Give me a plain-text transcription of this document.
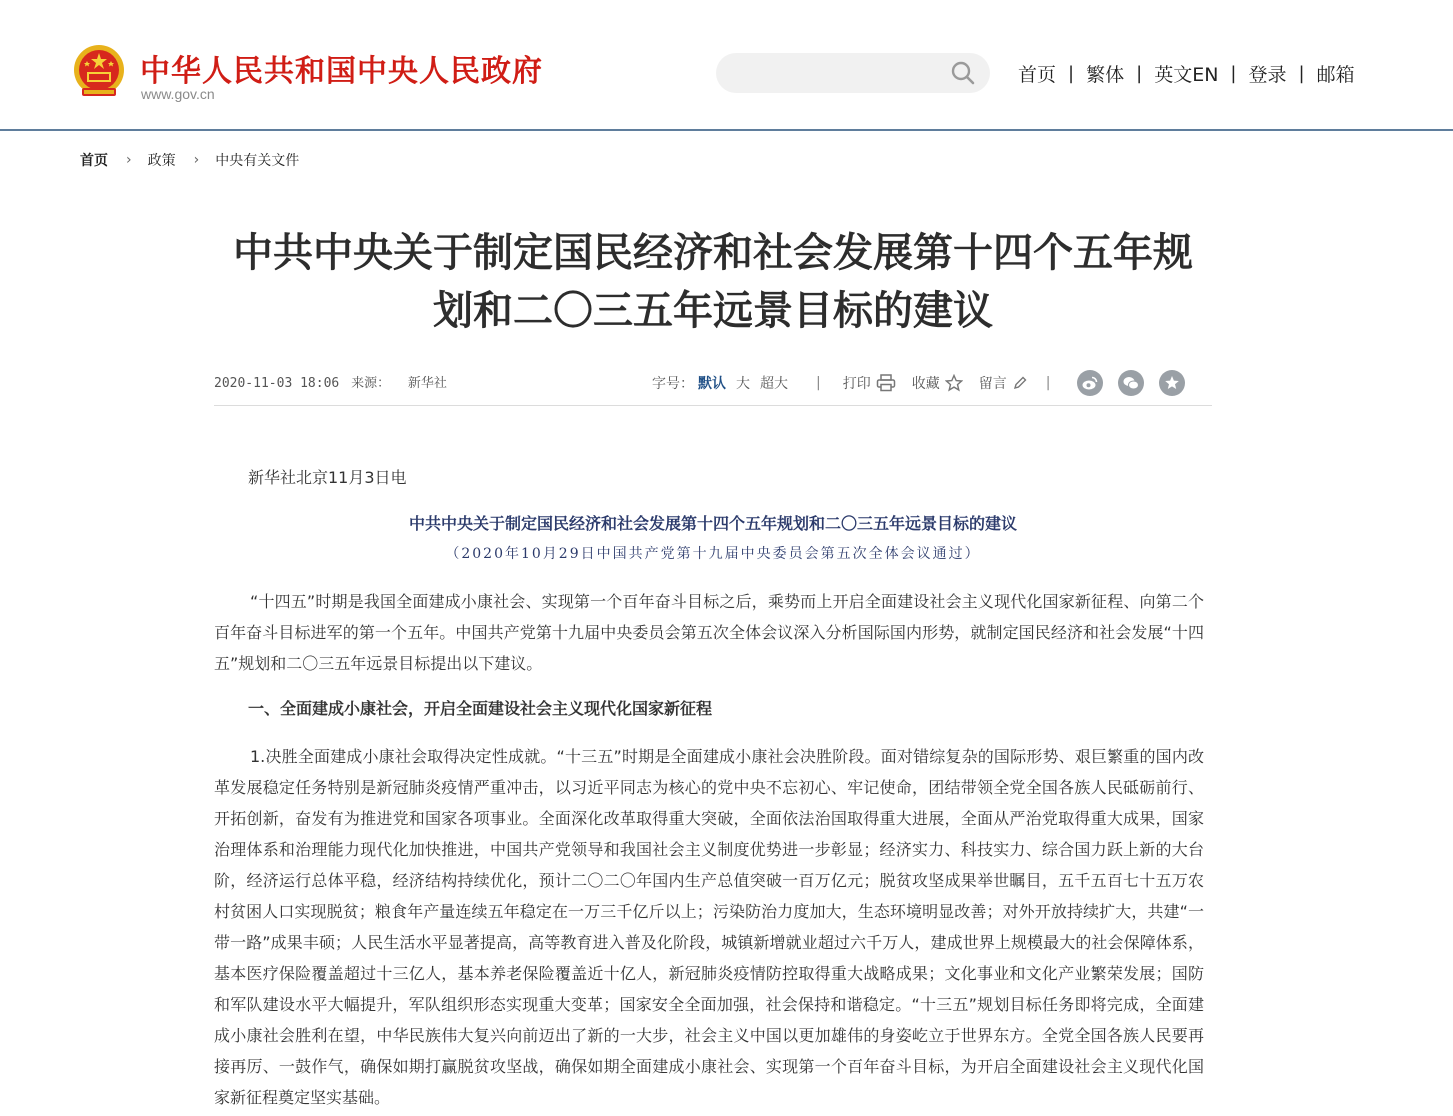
中华人民共和国中央人民政府
www.gov.cn
首页 | 繁体 | 英文EN | 登录 | 邮箱
首页	›	政策	›	中央有关文件
中共中央关于制定国民经济和社会发展第十四个五年规划和二〇三五年远景目标的建议
2020-11-03 18:06 来源： 新华社	字号： 默认 大 超大 | 打印	收藏	留言	|
新华社北京11月3日电
中共中央关于制定国民经济和社会发展第十四个五年规划和二〇三五年远景目标的建议
（2020年10月29日中国共产党第十九届中央委员会第五次全体会议通过）

“十四五”时期是我国全面建成小康社会、实现第一个百年奋斗目标之后，乘势而上开启全面建设社会主义现代化国家新征程、向第二个百年奋斗目标进军的第一个五年。中国共产党第十九届中央委员会第五次全体会议深入分析国际国内形势，就制定国民经济和社会发展“十四五”规划和二〇三五年远景目标提出以下建议。

一、全面建成小康社会，开启全面建设社会主义现代化国家新征程

1.决胜全面建成小康社会取得决定性成就。“十三五”时期是全面建成小康社会决胜阶段。面对错综复杂的国际形势、艰巨繁重的国内改革发展稳定任务特别是新冠肺炎疫情严重冲击，以习近平同志为核心的党中央不忘初心、牢记使命，团结带领全党全国各族人民砥砺前行、开拓创新，奋发有为推进党和国家各项事业。全面深化改革取得重大突破，全面依法治国取得重大进展，全面从严治党取得重大成果，国家治理体系和治理能力现代化加快推进，中国共产党领导和我国社会主义制度优势进一步彰显；经济实力、科技实力、综合国力跃上新的大台阶，经济运行总体平稳，经济结构持续优化，预计二〇二〇年国内生产总值突破一百万亿元；脱贫攻坚成果举世瞩目，五千五百七十五万农村贫困人口实现脱贫；粮食年产量连续五年稳定在一万三千亿斤以上；污染防治力度加大，生态环境明显改善；对外开放持续扩大，共建“一带一路”成果丰硕；人民生活水平显著提高，高等教育进入普及化阶段，城镇新增就业超过六千万人，建成世界上规模最大的社会保障体系，基本医疗保险覆盖超过十三亿人，基本养老保险覆盖近十亿人，新冠肺炎疫情防控取得重大战略成果；文化事业和文化产业繁荣发展；国防和军队建设水平大幅提升，军队组织形态实现重大变革；国家安全全面加强，社会保持和谐稳定。“十三五”规划目标任务即将完成，全面建成小康社会胜利在望，中华民族伟大复兴向前迈出了新的一大步，社会主义中国以更加雄伟的身姿屹立于世界东方。全党全国各族人民要再接再厉、一鼓作气，确保如期打赢脱贫攻坚战，确保如期全面建成小康社会、实现第一个百年奋斗目标，为开启全面建设社会主义现代化国家新征程奠定坚实基础。
